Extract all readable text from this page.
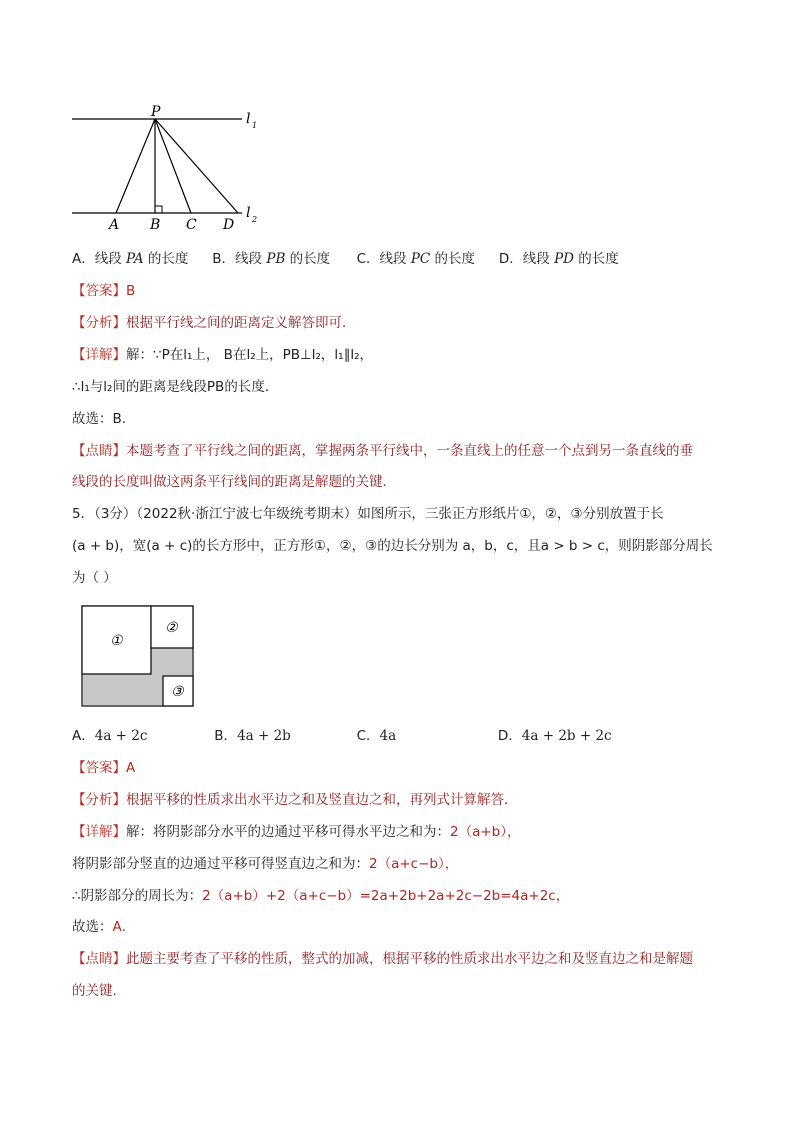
P	l 1
l 2
A B C D
A．线段 PA 的长度 B．线段 PB 的长度 C．线段 PC 的长度 D．线段 PD 的长度
【答案】B
【分析】根据平行线之间的距离定义解答即可．
【详解】解：∵P在l₁上， B在l₂上，PB⊥l₂，l₁∥l₂，
∴l₁与l₂间的距离是线段PB的长度．
故选：B．
【点睛】本题考查了平行线之间的距离，掌握两条平行线中，一条直线上的任意一个点到另一条直线的垂
线段的长度叫做这两条平行线间的距离是解题的关键．
5．（3分）（2022秋·浙江宁波七年级统考期末）如图所示，三张正方形纸片①，②，③分别放置于长
(a + b)，宽(a + c)的长方形中，正方形①，②，③的边长分别为 a，b，c，且a > b > c，则阴影部分周长
为（ ）
①
②
③
A．4a + 2c	B．4a + 2b	C．4a	D．4a + 2b + 2c
【答案】A
【分析】根据平移的性质求出水平边之和及竖直边之和，再列式计算解答．
【详解】解：将阴影部分水平的边通过平移可得水平边之和为：2（a+b），
将阴影部分竖直的边通过平移可得竖直边之和为：2（a+c−b），
∴阴影部分的周长为：2（a+b）+2（a+c−b）=2a+2b+2a+2c−2b=4a+2c，
故选：A．
【点睛】此题主要考查了平移的性质，整式的加减，根据平移的性质求出水平边之和及竖直边之和是解题
的关键．
